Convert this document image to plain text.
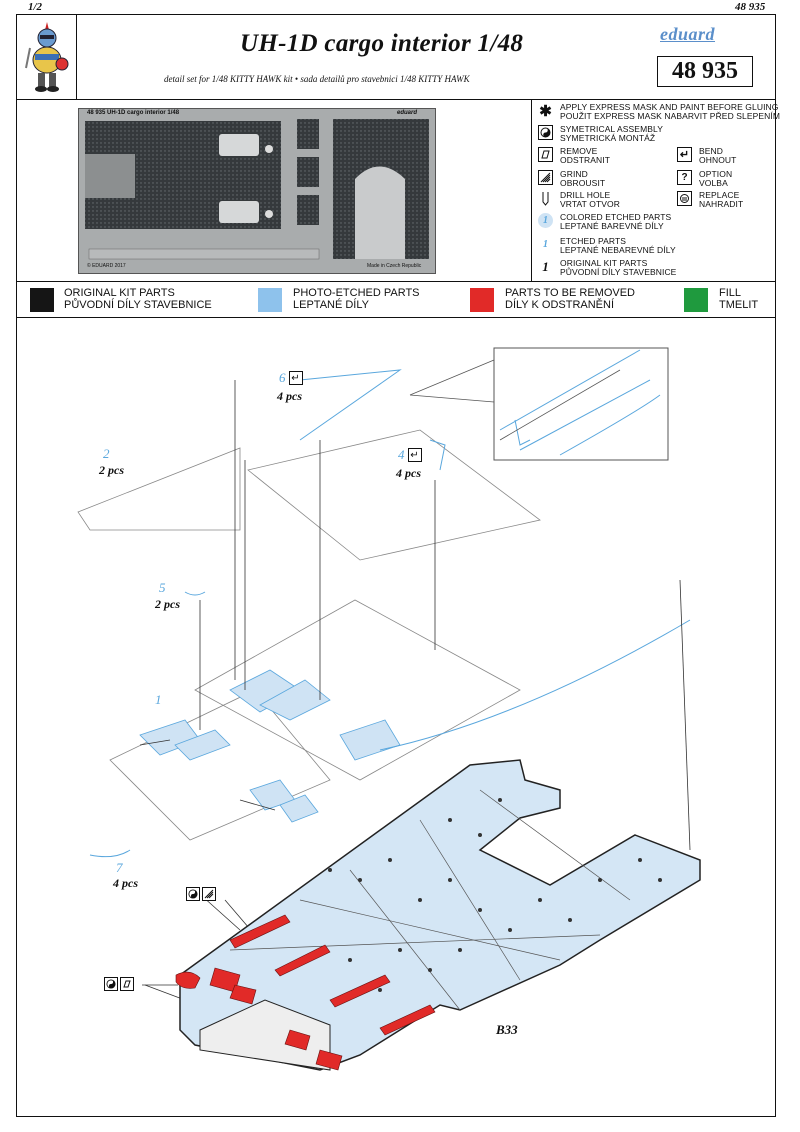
1/2	48 935
UH-1D cargo interior 1/48
detail set for 1/48 KITTY HAWK kit • sada detailů pro stavebnici 1/48 KITTY HAWK
eduard
48 935
48 935 UH-1D cargo interior 1/48	eduard
© EDUARD 2017	Made in Czech Republic
✱ APPLY EXPRESS MASK AND PAINT BEFORE GLUING
POUŽIT EXPRESS MASK NABARVIT PŘED SLEPENÍM
SYMETRICAL ASSEMBLY
SYMETRICKÁ MONTÁŽ
REMOVE
ODSTRANIT
GRIND
OBROUSIT
DRILL HOLE
VRTAT OTVOR
1	COLORED ETCHED PARTS
LEPTANÉ BAREVNÉ DÍLY
1	ETCHED PARTS
LEPTANÉ NEBAREVNÉ DÍLY
1	ORIGINAL KIT PARTS
PŮVODNÍ DÍLY STAVEBNICE
↵	BEND
OHNOUT
?	OPTION
VOLBA
REPLACE
NAHRADIT
ORIGINAL KIT PARTS
PŮVODNÍ DÍLY STAVEBNICE
PHOTO-ETCHED PARTS
LEPTANÉ DÍLY
PARTS TO BE REMOVED
DÍLY K ODSTRANĚNÍ
FILL
TMELIT
6 ↵
4 pcs
2
2 pcs
4 ↵
4 pcs
5
2 pcs
1
7
4 pcs
B33
